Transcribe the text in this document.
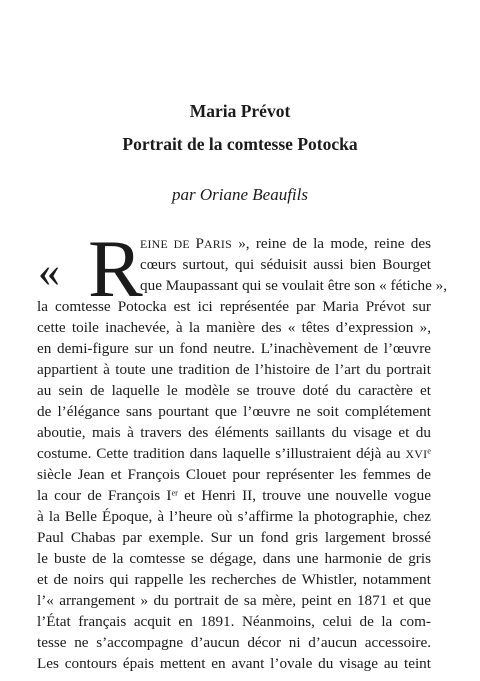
Maria Prévot

Portrait de la comtesse Potocka

par Oriane Beaufils

« R

EINE DE PARIS », reine de la mode, reine des

cœurs surtout, qui séduisit aussi bien Bourget

que Maupassant qui se voulait être son « fétiche »,

la comtesse Potocka est ici représentée par Maria Prévot sur

cette toile inachevée, à la manière des « têtes d’expression »,

en demi-figure sur un fond neutre. L’inachèvement de l’œuvre

appartient à toute une tradition de l’histoire de l’art du portrait

au sein de laquelle le modèle se trouve doté du caractère et

de l’élégance sans pourtant que l’œuvre ne soit complétement

aboutie, mais à travers des éléments saillants du visage et du

costume. Cette tradition dans laquelle s’illustraient déjà au XVIe

siècle Jean et François Clouet pour représenter les femmes de

la cour de François Ier et Henri II, trouve une nouvelle vogue

à la Belle Époque, à l’heure où s’affirme la photographie, chez

Paul Chabas par exemple. Sur un fond gris largement brossé

le buste de la comtesse se dégage, dans une harmonie de gris

et de noirs qui rappelle les recherches de Whistler, notamment

l’« arrangement » du portrait de sa mère, peint en 1871 et que

l’État français acquit en 1891. Néanmoins, celui de la com-

tesse ne s’accompagne d’aucun décor ni d’aucun accessoire.

Les contours épais mettent en avant l’ovale du visage au teint
